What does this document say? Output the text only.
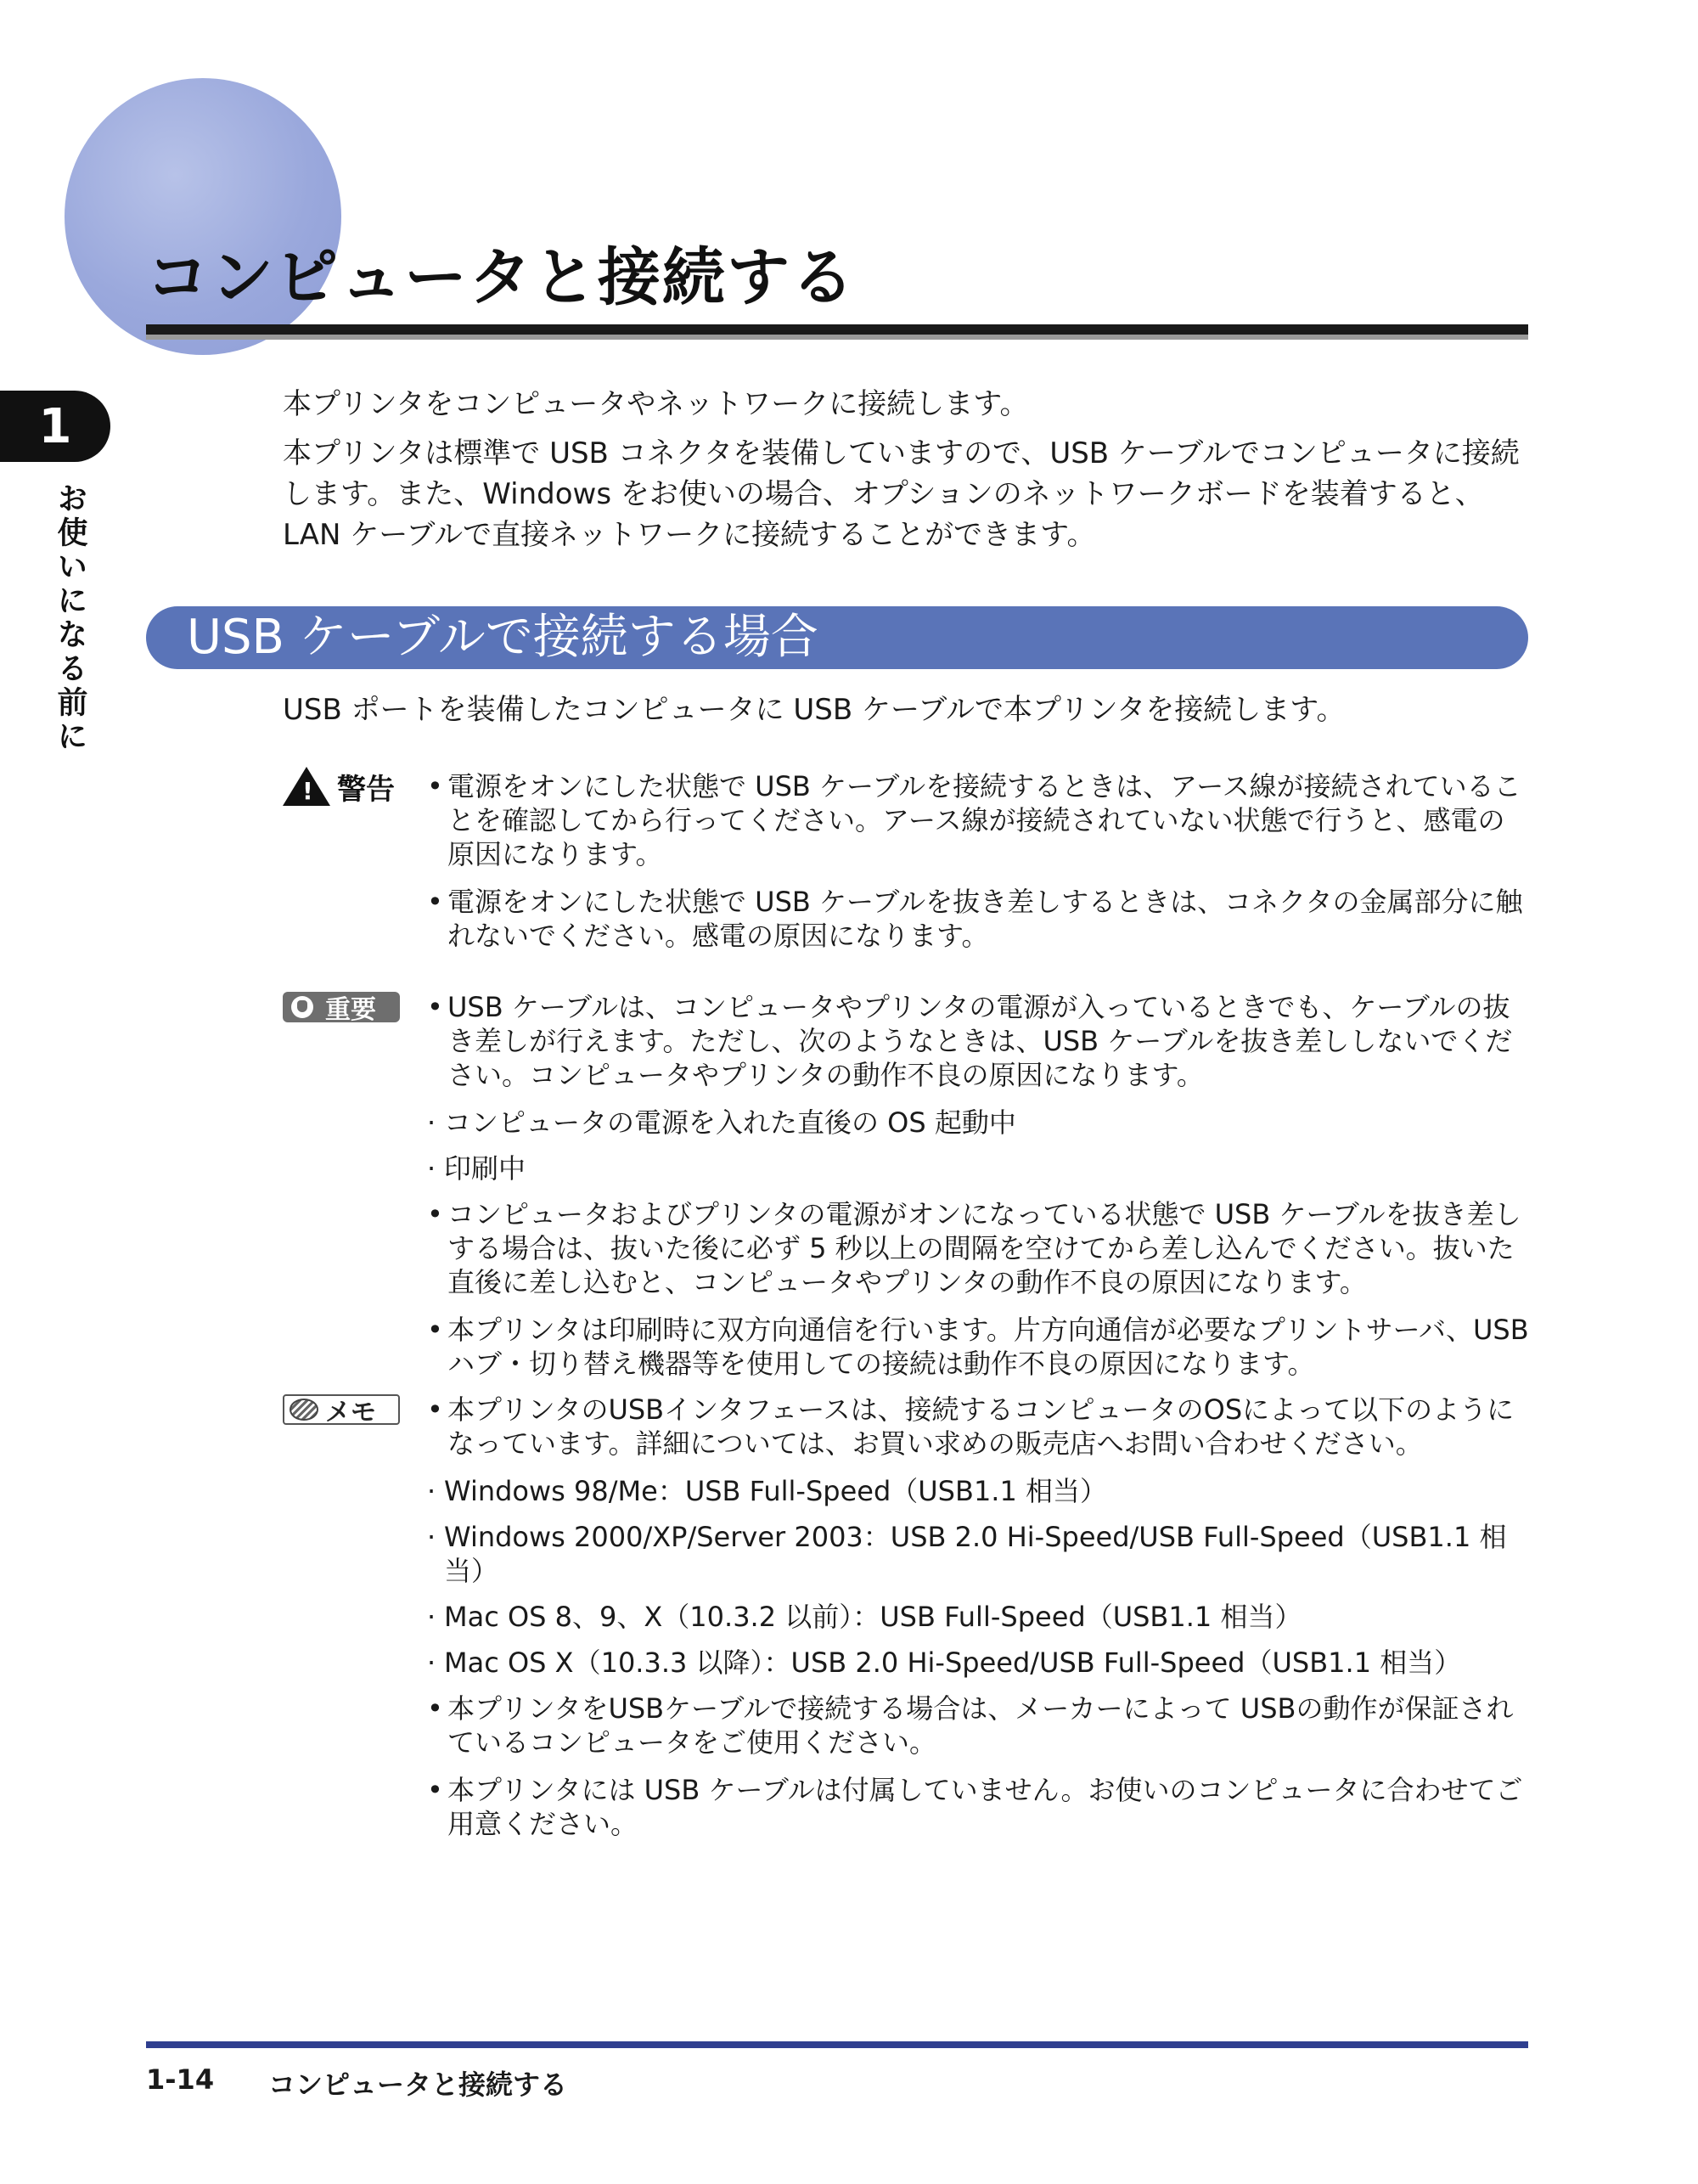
コンピュータと接続する
1
お使いになる前に

本プリンタをコンピュータやネットワークに接続します。

本プリンタは標準で USB コネクタを装備していますので、USB ケーブルでコンピュータに接続します。また、Windows をお使いの場合、オプションのネットワークボードを装着すると、LAN ケーブルで直接ネットワークに接続することができます。

USB ケーブルで接続する場合

USB ポートを装備したコンピュータに USB ケーブルで本プリンタを接続します。

!
警告 • 電源をオンにした状態で USB ケーブルを接続するときは、アース線が接続されていることを確認してから行ってください。アース線が接続されていない状態で行うと、感電の原因になります。
• 電源をオンにした状態で USB ケーブルを抜き差しするときは、コネクタの金属部分に触れないでください。感電の原因になります。
重要 • USB ケーブルは、コンピュータやプリンタの電源が入っているときでも、ケーブルの抜き差しが行えます。ただし、次のようなときは、USB ケーブルを抜き差ししないでください。コンピュータやプリンタの動作不良の原因になります。
· コンピュータの電源を入れた直後の OS 起動中
· 印刷中
• コンピュータおよびプリンタの電源がオンになっている状態で USB ケーブルを抜き差しする場合は、抜いた後に必ず 5 秒以上の間隔を空けてから差し込んでください。抜いた直後に差し込むと、コンピュータやプリンタの動作不良の原因になります。
• 本プリンタは印刷時に双方向通信を行います。片方向通信が必要なプリントサーバ、USB ハブ・切り替え機器等を使用しての接続は動作不良の原因になります。
メモ • 本プリンタのUSBインタフェースは、接続するコンピュータのOSによって以下のようになっています。詳細については、お買い求めの販売店へお問い合わせください。
· Windows 98/Me：USB Full-Speed（USB1.1 相当）
· Windows 2000/XP/Server 2003：USB 2.0 Hi-Speed/USB Full-Speed（USB1.1 相当）
· Mac OS 8、9、X（10.3.2 以前）：USB Full-Speed（USB1.1 相当）
· Mac OS X（10.3.3 以降）：USB 2.0 Hi-Speed/USB Full-Speed（USB1.1 相当）
• 本プリンタをUSBケーブルで接続する場合は、メーカーによって USBの動作が保証されているコンピュータをご使用ください。
• 本プリンタには USB ケーブルは付属していません。お使いのコンピュータに合わせてご用意ください。
1-14 コンピュータと接続する
